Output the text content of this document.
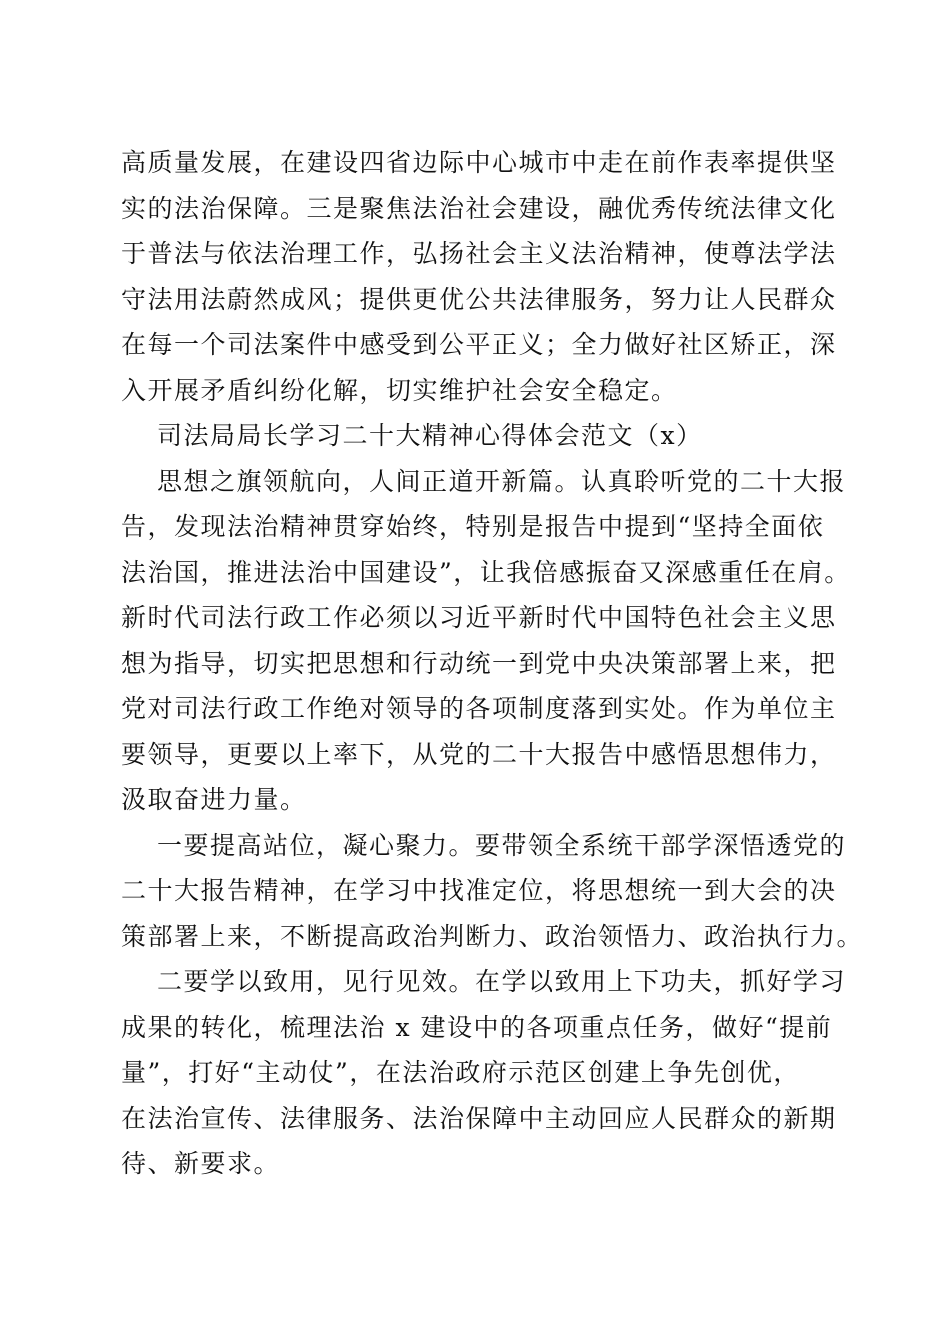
高质量发展，在建设四省边际中心城市中走在前作表率提供坚
实的法治保障。三是聚焦法治社会建设，融优秀传统法律文化
于普法与依法治理工作，弘扬社会主义法治精神，使尊法学法
守法用法蔚然成风；提供更优公共法律服务，努力让人民群众
在每一个司法案件中感受到公平正义；全力做好社区矫正，深
入开展矛盾纠纷化解，切实维护社会安全稳定。
司法局局长学习二十大精神心得体会范文（x）
思想之旗领航向，人间正道开新篇。认真聆听党的二十大报
告，发现法治精神贯穿始终，特别是报告中提到“坚持全面依
法治国，推进法治中国建设”，让我倍感振奋又深感重任在肩。
新时代司法行政工作必须以习近平新时代中国特色社会主义思
想为指导，切实把思想和行动统一到党中央决策部署上来，把
党对司法行政工作绝对领导的各项制度落到实处。作为单位主
要领导，更要以上率下，从党的二十大报告中感悟思想伟力，
汲取奋进力量。
一要提高站位，凝心聚力。要带领全系统干部学深悟透党的
二十大报告精神，在学习中找准定位，将思想统一到大会的决
策部署上来，不断提高政治判断力、政治领悟力、政治执行力。
二要学以致用，见行见效。在学以致用上下功夫，抓好学习
成果的转化，梳理法治 x 建设中的各项重点任务，做好“提前
量”，打好“主动仗”，在法治政府示范区创建上争先创优，
在法治宣传、法律服务、法治保障中主动回应人民群众的新期
待、新要求。
